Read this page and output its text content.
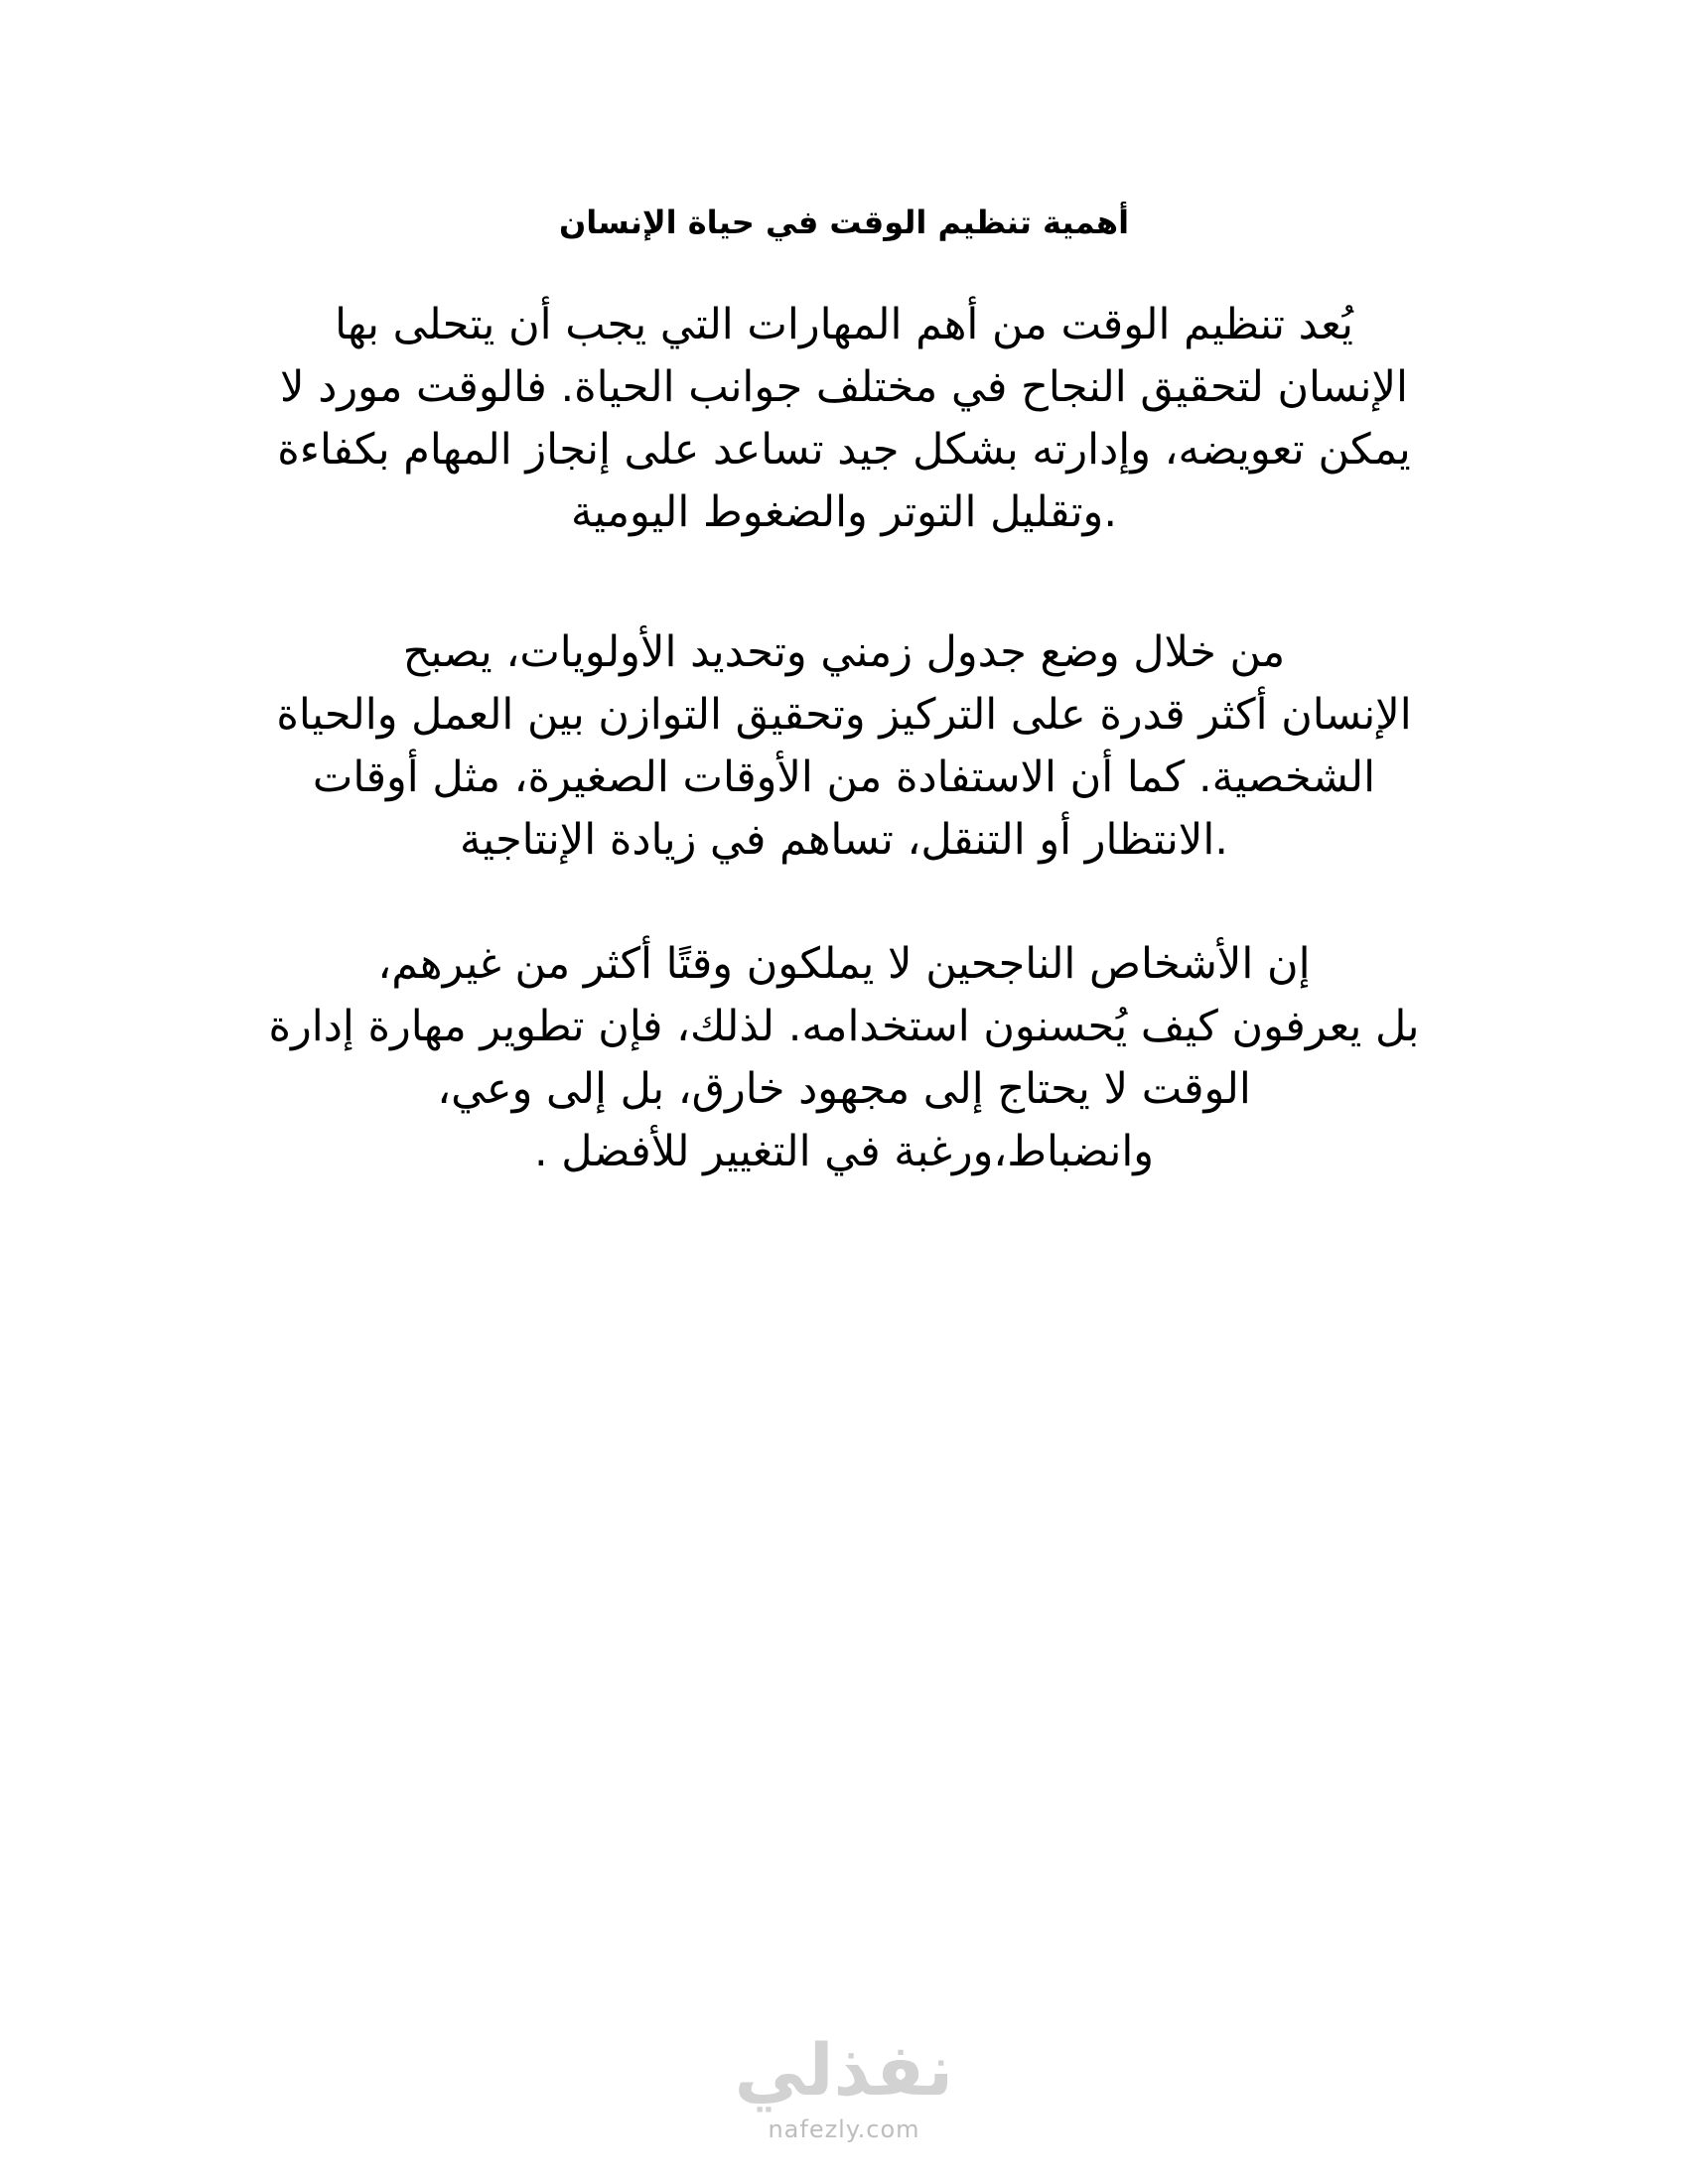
أهمية تنظيم الوقت في حياة الإنسان

يُعد تنظيم الوقت من أهم المهارات التي يجب أن يتحلى بها
الإنسان لتحقيق النجاح في مختلف جوانب الحياة. فالوقت مورد لا
يمكن تعويضه، وإدارته بشكل جيد تساعد على إنجاز المهام بكفاءة
.وتقليل التوتر والضغوط اليومية

من خلال وضع جدول زمني وتحديد الأولويات، يصبح
الإنسان أكثر قدرة على التركيز وتحقيق التوازن بين العمل والحياة
الشخصية. كما أن الاستفادة من الأوقات الصغيرة، مثل أوقات
.الانتظار أو التنقل، تساهم في زيادة الإنتاجية

إن الأشخاص الناجحين لا يملكون وقتًا أكثر من غيرهم،
بل يعرفون كيف يُحسنون استخدامه. لذلك، فإن تطوير مهارة إدارة
الوقت لا يحتاج إلى مجهود خارق، بل إلى وعي،
وانضباط،ورغبة في التغيير للأفضل .

نفذلي
nafezly.com
